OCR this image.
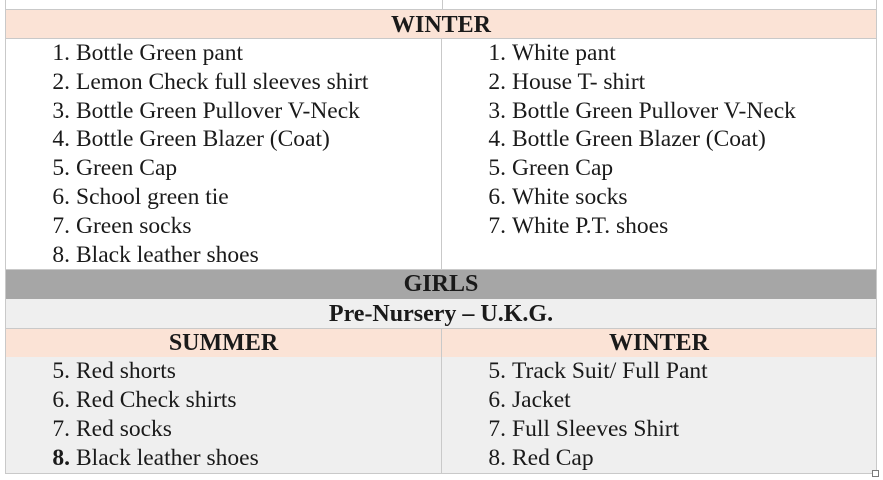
WINTER
1. Bottle Green pant
2. Lemon Check full sleeves shirt
3. Bottle Green Pullover V-Neck
4. Bottle Green Blazer (Coat)
5. Green Cap
6. School green tie
7. Green socks
8. Black leather shoes
1. White pant
2. House T- shirt
3. Bottle Green Pullover V-Neck
4. Bottle Green Blazer (Coat)
5. Green Cap
6. White socks
7. White P.T. shoes
GIRLS
Pre-Nursery – U.K.G.
SUMMER	WINTER
5. Red shorts
6. Red Check shirts
7. Red socks
8. Black leather shoes
5. Track Suit/ Full Pant
6. Jacket
7. Full Sleeves Shirt
8. Red Cap
